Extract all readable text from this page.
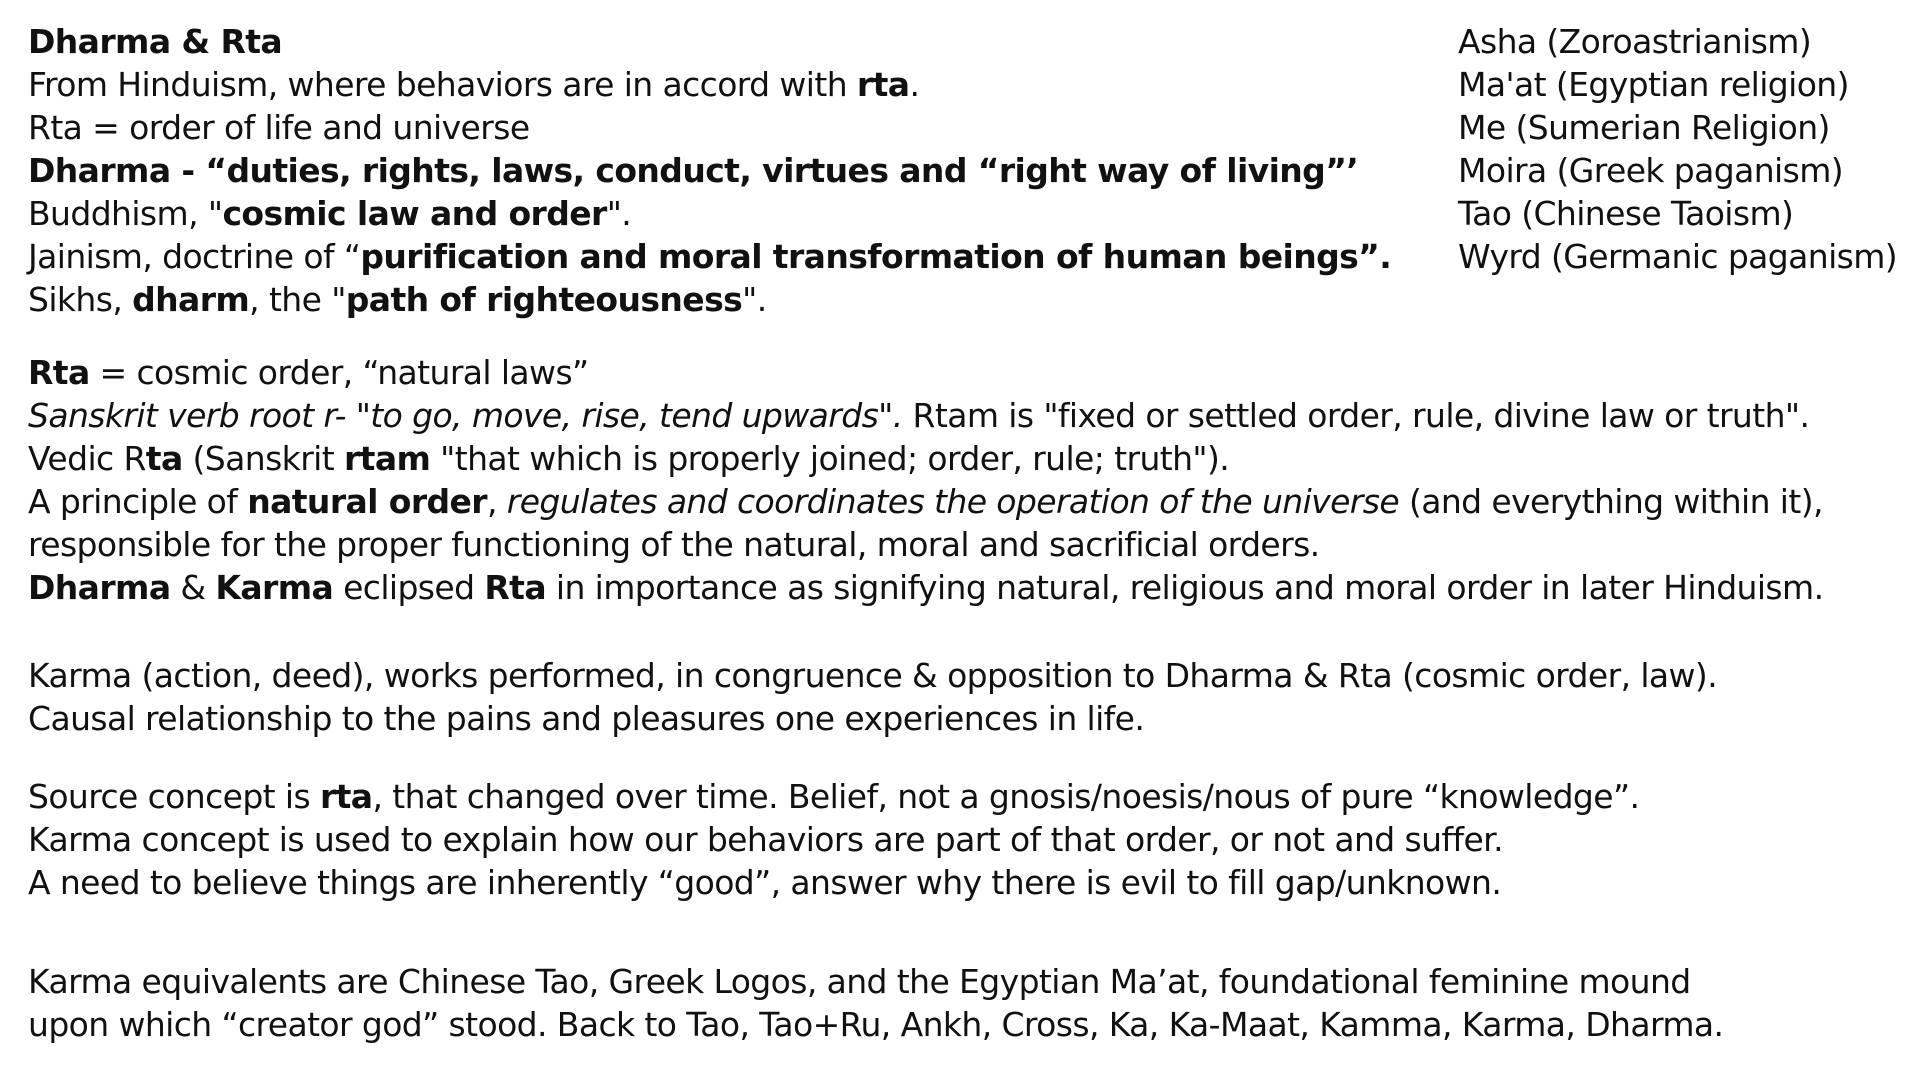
Dharma & Rta
From Hinduism, where behaviors are in accord with rta.
Rta = order of life and universe
Dharma - “duties, rights, laws, conduct, virtues and “right way of living”’
Buddhism, "cosmic law and order".
Jainism, doctrine of “purification and moral transformation of human beings”.
Sikhs, dharm, the "path of righteousness".
Rta = cosmic order, “natural laws”
Sanskrit verb root r- "to go, move, rise, tend upwards". Rtam is "fixed or settled order, rule, divine law or truth".
Vedic Rta (Sanskrit rtam "that which is properly joined; order, rule; truth").
A principle of natural order, regulates and coordinates the operation of the universe (and everything within it),
responsible for the proper functioning of the natural, moral and sacrificial orders.
Dharma & Karma eclipsed Rta in importance as signifying natural, religious and moral order in later Hinduism.
Karma (action, deed), works performed, in congruence & opposition to Dharma & Rta (cosmic order, law).
Causal relationship to the pains and pleasures one experiences in life.
Source concept is rta, that changed over time. Belief, not a gnosis/noesis/nous of pure “knowledge”.
Karma concept is used to explain how our behaviors are part of that order, or not and suffer.
A need to believe things are inherently “good”, answer why there is evil to fill gap/unknown.
Karma equivalents are Chinese Tao, Greek Logos, and the Egyptian Ma’at, foundational feminine mound
upon which “creator god” stood. Back to Tao, Tao+Ru, Ankh, Cross, Ka, Ka-Maat, Kamma, Karma, Dharma.
Asha (Zoroastrianism)
Ma'at (Egyptian religion)
Me (Sumerian Religion)
Moira (Greek paganism)
Tao (Chinese Taoism)
Wyrd (Germanic paganism)
